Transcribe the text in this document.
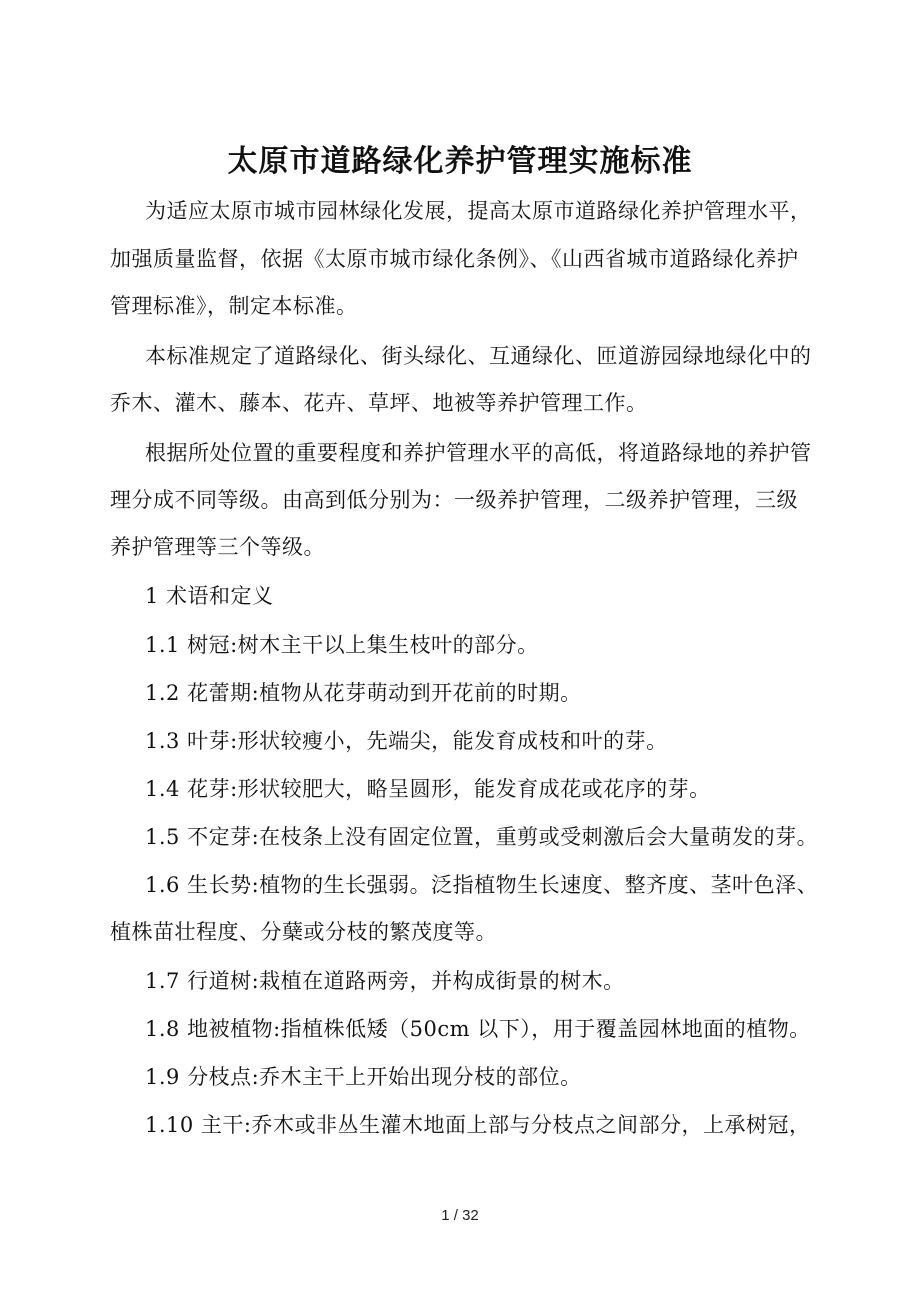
太原市道路绿化养护管理实施标准
为适应太原市城市园林绿化发展，提高太原市道路绿化养护管理水平，
加强质量监督，依据《太原市城市绿化条例》、《山西省城市道路绿化养护
管理标准》，制定本标准。
本标准规定了道路绿化、街头绿化、互通绿化、匝道游园绿地绿化中的
乔木、灌木、藤本、花卉、草坪、地被等养护管理工作。
根据所处位置的重要程度和养护管理水平的高低，将道路绿地的养护管
理分成不同等级。由高到低分别为：一级养护管理，二级养护管理，三级
养护管理等三个等级。
1 术语和定义
1.1 树冠:树木主干以上集生枝叶的部分。
1.2 花蕾期:植物从花芽萌动到开花前的时期。
1.3 叶芽:形状较瘦小，先端尖，能发育成枝和叶的芽。
1.4 花芽:形状较肥大，略呈圆形，能发育成花或花序的芽。
1.5 不定芽:在枝条上没有固定位置，重剪或受刺激后会大量萌发的芽。
1.6 生长势:植物的生长强弱。泛指植物生长速度、整齐度、茎叶色泽、
植株苗壮程度、分蘖或分枝的繁茂度等。
1.7 行道树:栽植在道路两旁，并构成街景的树木。
1.8 地被植物:指植株低矮（50cm 以下），用于覆盖园林地面的植物。
1.9 分枝点:乔木主干上开始出现分枝的部位。
1.10 主干:乔木或非丛生灌木地面上部与分枝点之间部分，上承树冠，
1 / 32
